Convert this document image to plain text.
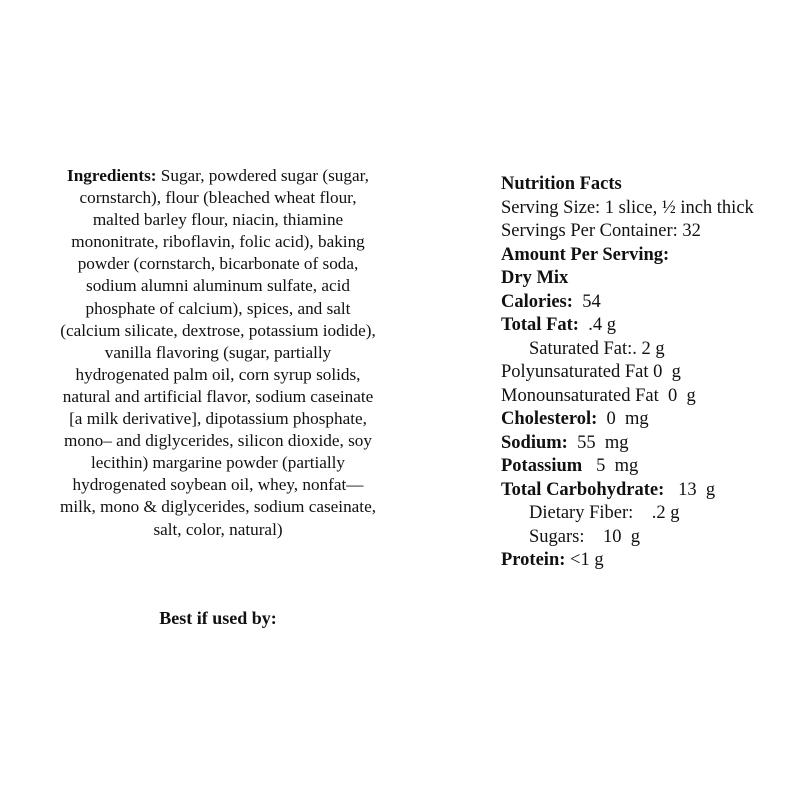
Ingredients: Sugar, powdered sugar (sugar, cornstarch), flour (bleached wheat flour, malted barley flour, niacin, thiamine mononitrate, riboflavin, folic acid), baking powder (cornstarch, bicarbonate of soda, sodium alumni aluminum sulfate, acid phosphate of calcium), spices, and salt (calcium silicate, dextrose, potassium iodide), vanilla flavoring (sugar, partially hydrogenated palm oil, corn syrup solids, natural and artificial flavor, sodium caseinate      [a milk derivative], dipotassium phosphate, mono– and diglycerides, silicon dioxide, soy lecithin) margarine powder (partially hydrogenated soybean oil, whey, nonfat—milk, mono & diglycerides, sodium caseinate, salt, color, natural)
Best if used by:
Nutrition Facts
Serving Size: 1 slice, ½ inch thick
Servings Per Container: 32
Amount Per Serving:
Dry Mix
Calories:  54
Total Fat:  .4 g
Saturated Fat:. 2 g
Polyunsaturated Fat 0  g
Monounsaturated Fat  0  g
Cholesterol:  0  mg
Sodium:  55  mg
Potassium   5  mg
Total Carbohydrate:   13  g
Dietary Fiber:    .2 g
Sugars:    10  g
Protein: <1 g
